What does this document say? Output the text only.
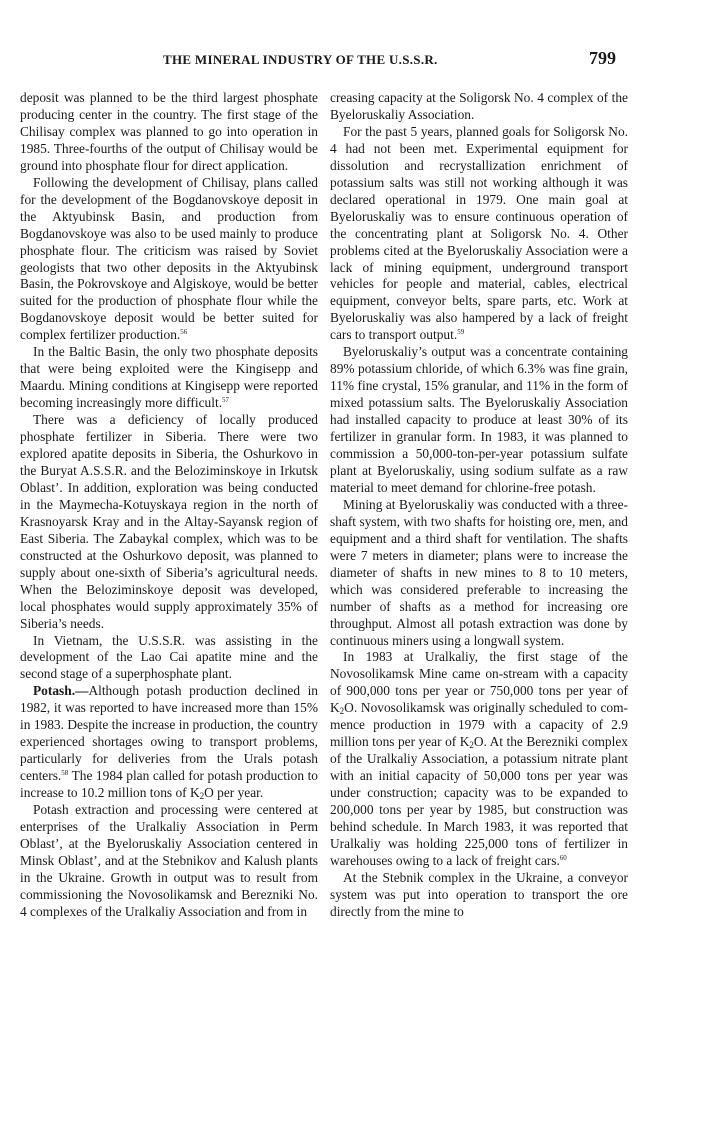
THE MINERAL INDUSTRY OF THE U.S.S.R.	799

deposit was planned to be the third largest phosphate producing center in the country. The first stage of the Chilisay complex was planned to go into operation in 1985. Three-fourths of the output of Chilisay would be ground into phosphate flour for direct application.

Following the development of Chilisay, plans called for the development of the Bogdanovskoye deposit in the Aktyubinsk Basin, and production from Bogdanovskoye was also to be used mainly to produce phosphate flour. The criticism was raised by Soviet geologists that two other deposits in the Aktyubinsk Basin, the Pokrovskoye and Algiskoye, would be better suited for the production of phosphate flour while the Bogdanovskoye deposit would be better suited for complex fertilizer production.$^{56}$

In the Baltic Basin, the only two phosphate deposits that were being exploited were the Kingisepp and Maardu. Mining conditions at Kingisepp were reported becoming increasingly more difficult.$^{57}$

There was a deficiency of locally produced phosphate fertilizer in Siberia. There were two explored apatite deposits in Siberia, the Oshurkovo in the Buryat A.S.S.R. and the Beloziminskoye in Irkutsk Oblast’. In addition, exploration was being conducted in the Maymecha-Kotuyskaya region in the north of Krasnoyarsk Kray and in the Altay-Sayansk region of East Siberia. The Zabaykal complex, which was to be constructed at the Oshurkovo deposit, was planned to supply about one-sixth of Siberia’s agricultural needs. When the Beloziminskoye deposit was developed, local phosphates would supply approximately 35% of Siberia’s needs.

In Vietnam, the U.S.S.R. was assisting in the development of the Lao Cai apatite mine and the second stage of a superphosphate plant.

Potash.—Although potash production declined in 1982, it was reported to have increased more than 15% in 1983. Despite the increase in production, the country experienced shortages owing to transport problems, particularly for deliveries from the Urals potash centers.$^{58}$ The 1984 plan called for potash production to increase to 10.2 million tons of $K_2O$ per year.

Potash extraction and processing were centered at enterprises of the Uralkaliy Association in Perm Oblast’, at the Byeloruskaliy Association centered in Minsk Oblast’, and at the Stebnikov and Kalush plants in the Ukraine. Growth in output was to result from commissioning the Novosolikamsk and Berezniki No. 4 complexes of the Uralkaliy Association and from in

creasing capacity at the Soligorsk No. 4 complex of the Byeloruskaliy Association.

For the past 5 years, planned goals for Soligorsk No. 4 had not been met. Experimental equipment for dissolution and recrystallization enrichment of potassium salts was still not working although it was declared operational in 1979. One main goal at Byeloruskaliy was to ensure continuous operation of the concentrating plant at Soligorsk No. 4. Other problems cited at the Byeloruskaliy Association were a lack of mining equipment, underground transport vehicles for people and material, cables, electrical equipment, conveyor belts, spare parts, etc. Work at Byeloruskaliy was also hampered by a lack of freight cars to transport output.$^{59}$

Byeloruskaliy’s output was a concentrate containing 89% potassium chloride, of which 6.3% was fine grain, 11% fine crystal, 15% granular, and 11% in the form of mixed potassium salts. The Byeloruskaliy Association had installed capacity to produce at least 30% of its fertilizer in granular form. In 1983, it was planned to commission a 50,000-ton-per-year potassium sulfate plant at Byeloruskaliy, using sodium sulfate as a raw material to meet demand for chlorine-free potash.

Mining at Byeloruskaliy was conducted with a three-shaft system, with two shafts for hoisting ore, men, and equipment and a third shaft for ventilation. The shafts were 7 meters in diameter; plans were to increase the diameter of shafts in new mines to 8 to 10 meters, which was considered preferable to increasing the number of shafts as a method for increasing ore throughput. Almost all potash extraction was done by continuous miners using a longwall system.

In 1983 at Uralkaliy, the first stage of the Novosolikamsk Mine came on-stream with a capacity of 900,000 tons per year or 750,000 tons per year of $K_2O$. Novosolikamsk was originally scheduled to commence production in 1979 with a capacity of 2.9 million tons per year of $K_2O$. At the Berezniki complex of the Uralkaliy Association, a potassium nitrate plant with an initial capacity of 50,000 tons per year was under construction; capacity was to be expanded to 200,000 tons per year by 1985, but construction was behind schedule. In March 1983, it was reported that Uralkaliy was holding 225,000 tons of fertilizer in warehouses owing to a lack of freight cars.$^{60}$

At the Stebnik complex in the Ukraine, a conveyor system was put into operation to transport the ore directly from the mine to
